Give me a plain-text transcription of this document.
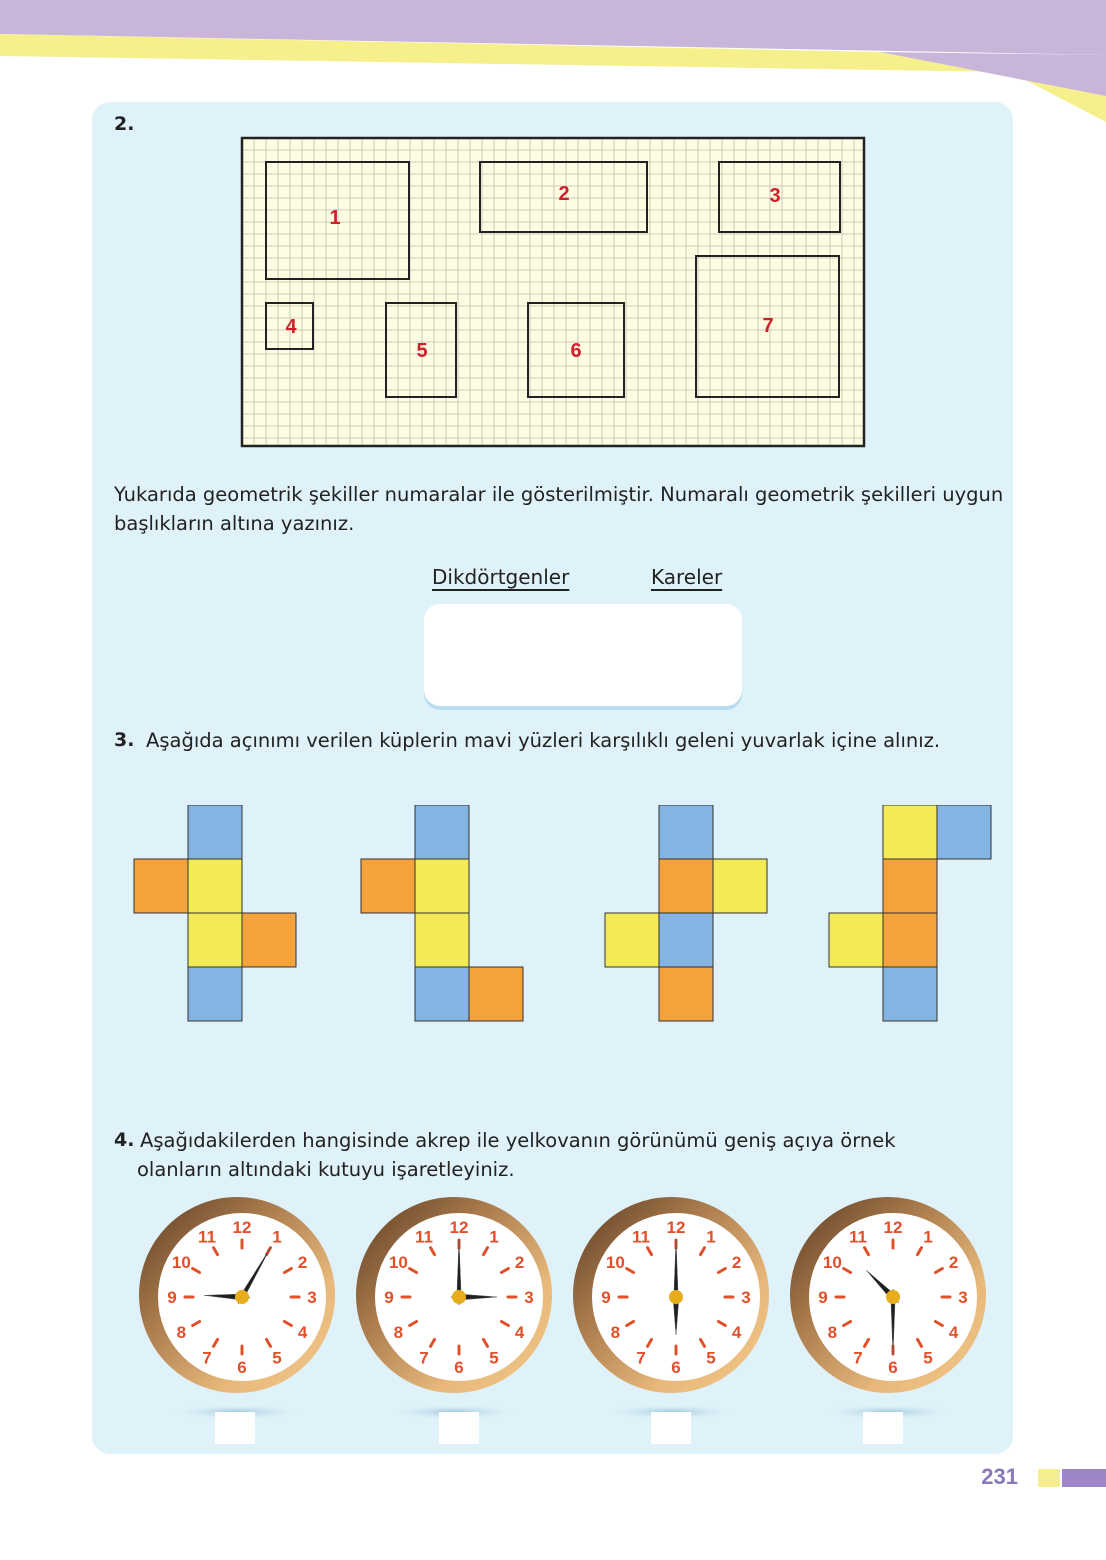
2.
1
2	3
4
5	6
7
Yukarıda geometrik şekiller numaralar ile gösterilmiştir. Numaralı geometrik şekilleri uygun başlıkların altına yazınız.
Dikdörtgenler	Kareler
3. Aşağıda açınımı verilen küplerin mavi yüzleri karşılıklı geleni yuvarlak içine alınız.
4. Aşağıdakilerden hangisinde akrep ile yelkovanın görünümü geniş açıya örnek
olanların altındaki kutuyu işaretleyiniz.
12 1
2
3
4
5
6
7
8
9
10
11	12 1
2
3
4
5
6
7
8
9
10
11	12 1
2
3
4
5
6
7
8
9
10
11	12 1
2
3
4
5
6
7
8
9
10
11
231
